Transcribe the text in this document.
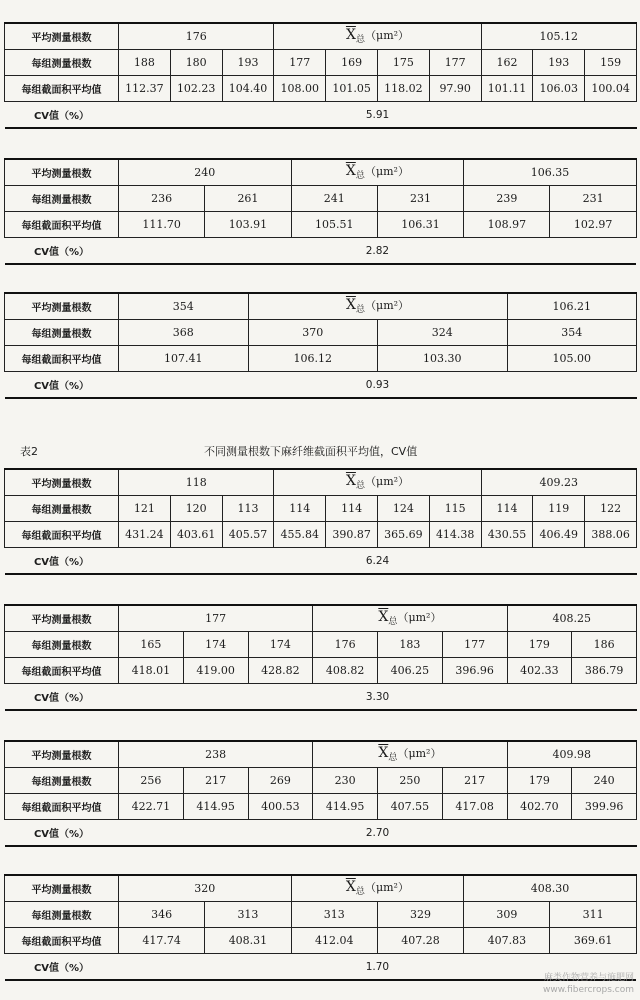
平均测量根数	176			$\overline{X}_总(\mu m^2)$				105.12		
每组测量根数	188	180	193	177	169	175	177	162	193	159
每组截面积平均值	112.37	102.23	104.40	108.00	101.05	118.02	97.90	101.11	106.03	100.04
CV值（%）	5.91									
平均测量根数	240		$\overline{X}_总(\mu m^2)$		106.35	
每组测量根数	236	261	241	231	239	231
每组截面积平均值	111.70	103.91	105.51	106.31	108.97	102.97
CV值（%）	2.82					
平均测量根数	354	$\overline{X}_总(\mu m^2)$		106.21
每组测量根数	368	370	324	354
每组截面积平均值	107.41	106.12	103.30	105.00
CV值（%）	0.93			
表2	不同测量根数下麻纤维截面积平均值，CV值
平均测量根数	118			$\overline{X}_总(\mu m^2)$				409.23		
每组测量根数	121	120	113	114	114	124	115	114	119	122
每组截面积平均值	431.24	403.61	405.57	455.84	390.87	365.69	414.38	430.55	406.49	388.06
CV值（%）	6.24									
平均测量根数	177			$\overline{X}_总(\mu m^2)$			408.25	
每组测量根数	165	174	174	176	183	177	179	186
每组截面积平均值	418.01	419.00	428.82	408.82	406.25	396.96	402.33	386.79
CV值（%）	3.30							
平均测量根数	238			$\overline{X}_总(\mu m^2)$			409.98	
每组测量根数	256	217	269	230	250	217	179	240
每组截面积平均值	422.71	414.95	400.53	414.95	407.55	417.08	402.70	399.96
CV值（%）	2.70							
平均测量根数	320		$\overline{X}_总(\mu m^2)$		408.30	
每组测量根数	346	313	313	329	309	311
每组截面积平均值	417.74	408.31	412.04	407.28	407.83	369.61
CV值（%）	1.70					
麻类作物营养与施肥网
www.fibercrops.com
